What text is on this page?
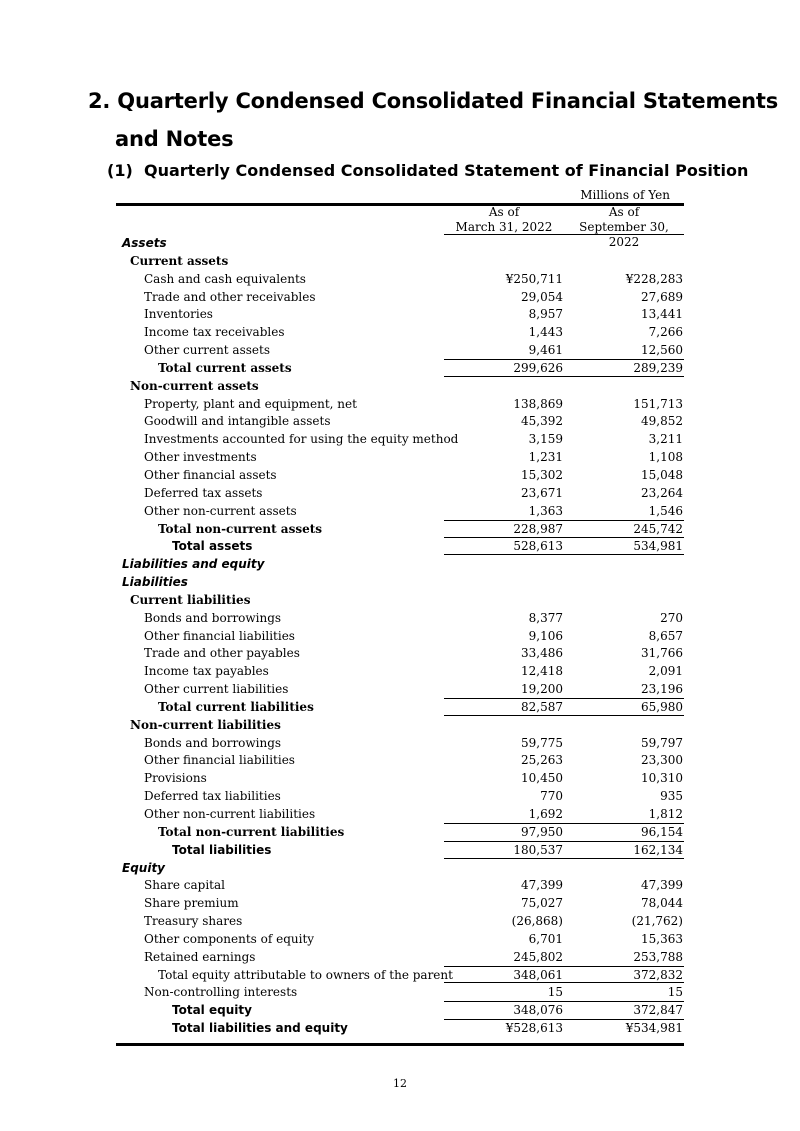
2. Quarterly Condensed Consolidated Financial Statements
and Notes
(1) Quarterly Condensed Consolidated Statement of Financial Position
Millions of Yen
As of
March 31, 2022
As of
September 30, 2022
Assets
Current assets
Cash and cash equivalents	¥250,711	¥228,283
Trade and other receivables	29,054	27,689
Inventories	8,957	13,441
Income tax receivables	1,443	7,266
Other current assets	9,461	12,560
Total current assets	299,626	289,239
Non-current assets
Property, plant and equipment, net	138,869	151,713
Goodwill and intangible assets	45,392	49,852
Investments accounted for using the equity method	3,159	3,211
Other investments	1,231	1,108
Other financial assets	15,302	15,048
Deferred tax assets	23,671	23,264
Other non-current assets	1,363	1,546
Total non-current assets	228,987	245,742
Total assets	528,613	534,981
Liabilities and equity
Liabilities
Current liabilities
Bonds and borrowings	8,377	270
Other financial liabilities	9,106	8,657
Trade and other payables	33,486	31,766
Income tax payables	12,418	2,091
Other current liabilities	19,200	23,196
Total current liabilities	82,587	65,980
Non-current liabilities
Bonds and borrowings	59,775	59,797
Other financial liabilities	25,263	23,300
Provisions	10,450	10,310
Deferred tax liabilities	770	935
Other non-current liabilities	1,692	1,812
Total non-current liabilities	97,950	96,154
Total liabilities	180,537	162,134
Equity
Share capital	47,399	47,399
Share premium	75,027	78,044
Treasury shares	(26,868)	(21,762)
Other components of equity	6,701	15,363
Retained earnings	245,802	253,788
Total equity attributable to owners of the parent	348,061	372,832
Non-controlling interests	15	15
Total equity	348,076	372,847
Total liabilities and equity	¥528,613	¥534,981
12
